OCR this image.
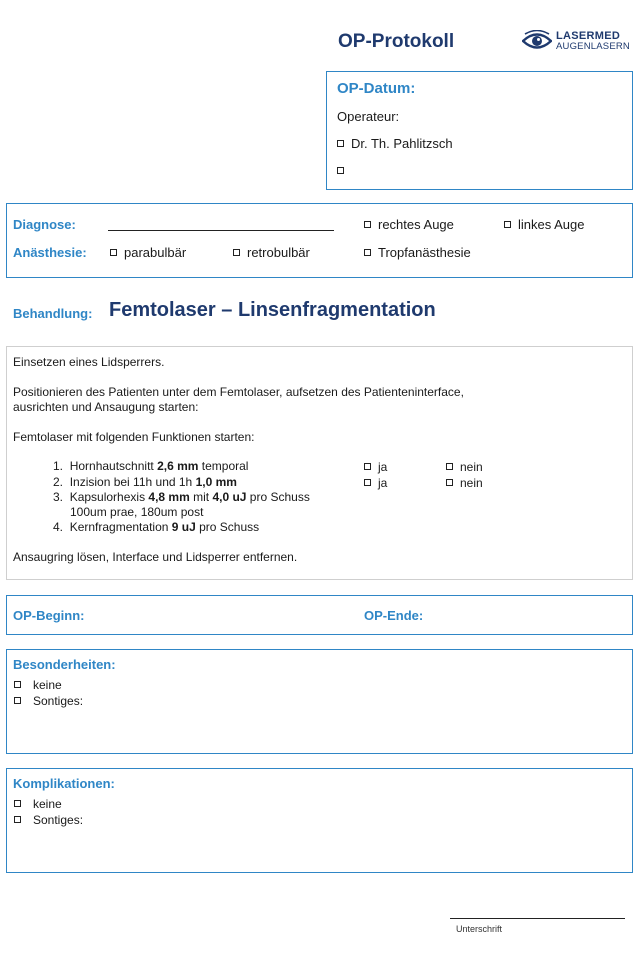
OP-Protokoll	LASERMED
AUGENLASERN
OP-Datum:
Operateur:
Dr. Th. Pahlitzsch
Diagnose:	rechtes Auge	linkes Auge
Anästhesie:	parabulbär	retrobulbär	Tropfanästhesie
Behandlung: Femtolaser – Linsenfragmentation
Einsetzen eines Lidsperrers.
Positionieren des Patienten unter dem Femtolaser, aufsetzen des Patienteninterface,
ausrichten und Ansaugung starten:
Femtolaser mit folgenden Funktionen starten:
1. Hornhautschnitt 2,6 mm temporal	ja	nein
2. Inzision bei 11h und 1h 1,0 mm	ja	nein
3. Kapsulorhexis 4,8 mm mit 4,0 uJ pro Schuss
100um prae, 180um post
4. Kernfragmentation 9 uJ pro Schuss
Ansaugring lösen, Interface und Lidsperrer entfernen.
OP-Beginn:	OP-Ende:
Besonderheiten:
keine
Sontiges:
Komplikationen:
keine
Sontiges:
Unterschrift
